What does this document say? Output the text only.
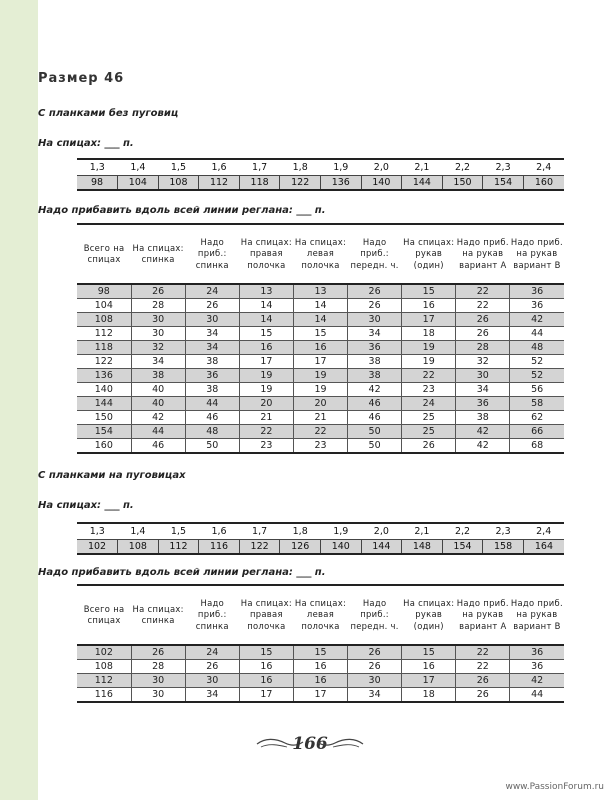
Размер 46
С планками без пуговиц
На спицах: ___ п.
1,3	1,4	1,5	1,6	1,7	1,8	1,9	2,0	2,1	2,2	2,3	2,4
98	104	108	112	118	122	136	140	144	150	154	160
Надо прибавить вдоль всей линии реглана: ___ п.
Всего на спицах	На спицах: спинка	Надо приб.: спинка	На спицах: правая полочка	На спицах: левая полочка	Надо приб.: передн. ч.	На спицах: рукав (один)	Надо приб. на рукав вариант А	Надо приб. на рукав вариант В
98	26	24	13	13	26	15	22	36
104	28	26	14	14	26	16	22	36
108	30	30	14	14	30	17	26	42
112	30	34	15	15	34	18	26	44
118	32	34	16	16	36	19	28	48
122	34	38	17	17	38	19	32	52
136	38	36	19	19	38	22	30	52
140	40	38	19	19	42	23	34	56
144	40	44	20	20	46	24	36	58
150	42	46	21	21	46	25	38	62
154	44	48	22	22	50	25	42	66
160	46	50	23	23	50	26	42	68
С планками на пуговицах
На спицах: ___ п.
1,3	1,4	1,5	1,6	1,7	1,8	1,9	2,0	2,1	2,2	2,3	2,4
102	108	112	116	122	126	140	144	148	154	158	164
Надо прибавить вдоль всей линии реглана: ___ п.
Всего на спицах	На спицах: спинка	Надо приб.: спинка	На спицах: правая полочка	На спицах: левая полочка	Надо приб.: передн. ч.	На спицах: рукав (один)	Надо приб. на рукав вариант А	Надо приб. на рукав вариант В
102	26	24	15	15	26	15	22	36
108	28	26	16	16	26	16	22	36
112	30	30	16	16	30	17	26	42
116	30	34	17	17	34	18	26	44
166
www.PassionForum.ru
